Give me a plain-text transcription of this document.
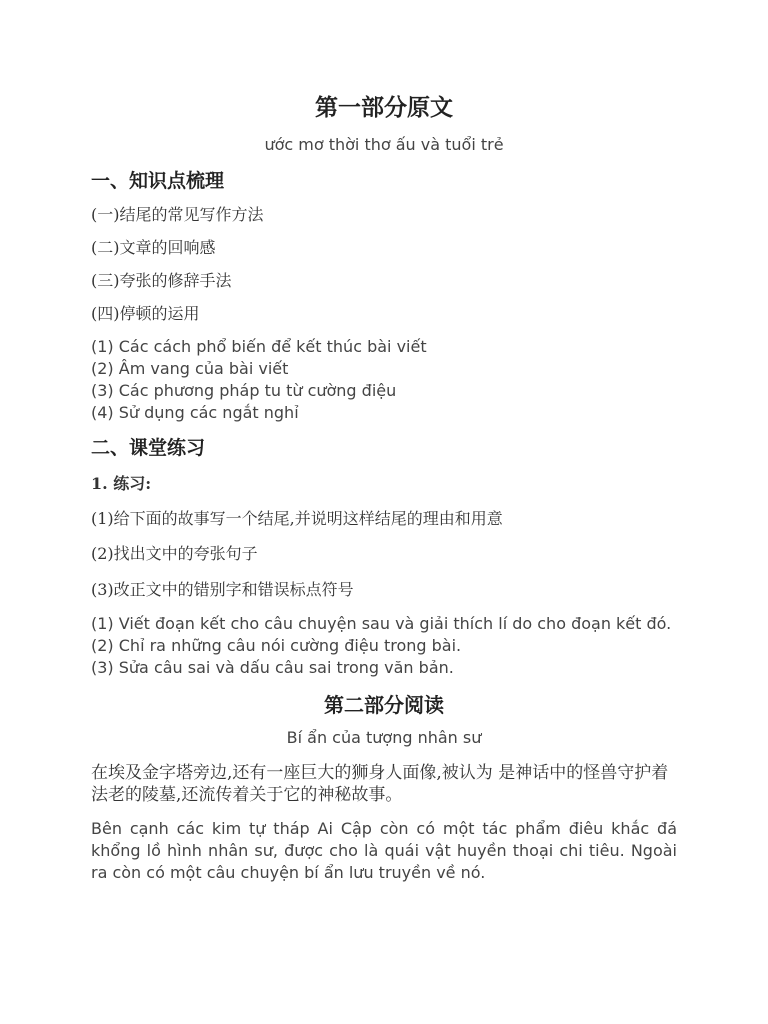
第一部分原文
ước mơ thời thơ ấu và tuổi trẻ
一、知识点梳理
(一)结尾的常见写作方法
(二)文章的回响感
(三)夸张的修辞手法
(四)停顿的运用
(1) Các cách phổ biến để kết thúc bài viết
(2) Âm vang của bài viết
(3) Các phương pháp tu từ cường điệu
(4) Sử dụng các ngắt nghỉ
二、课堂练习
1. 练习:
(1)给下面的故事写一个结尾,并说明这样结尾的理由和用意
(2)找出文中的夸张句子
(3)改正文中的错别字和错误标点符号
(1) Viết đoạn kết cho câu chuyện sau và giải thích lí do cho đoạn kết đó.
(2) Chỉ ra những câu nói cường điệu trong bài.
(3) Sửa câu sai và dấu câu sai trong văn bản.
第二部分阅读
Bí ẩn của tượng nhân sư
在埃及金字塔旁边,还有一座巨大的狮身人面像,被认为 是神话中的怪兽守护着法老的陵墓,还流传着关于它的神秘故事。
Bên cạnh các kim tự tháp Ai Cập còn có một tác phẩm điêu khắc đá khổng lồ hình nhân sư, được cho là quái vật huyền thoại chi tiêu. Ngoài ra còn có một câu chuyện bí ẩn lưu truyền về nó.
